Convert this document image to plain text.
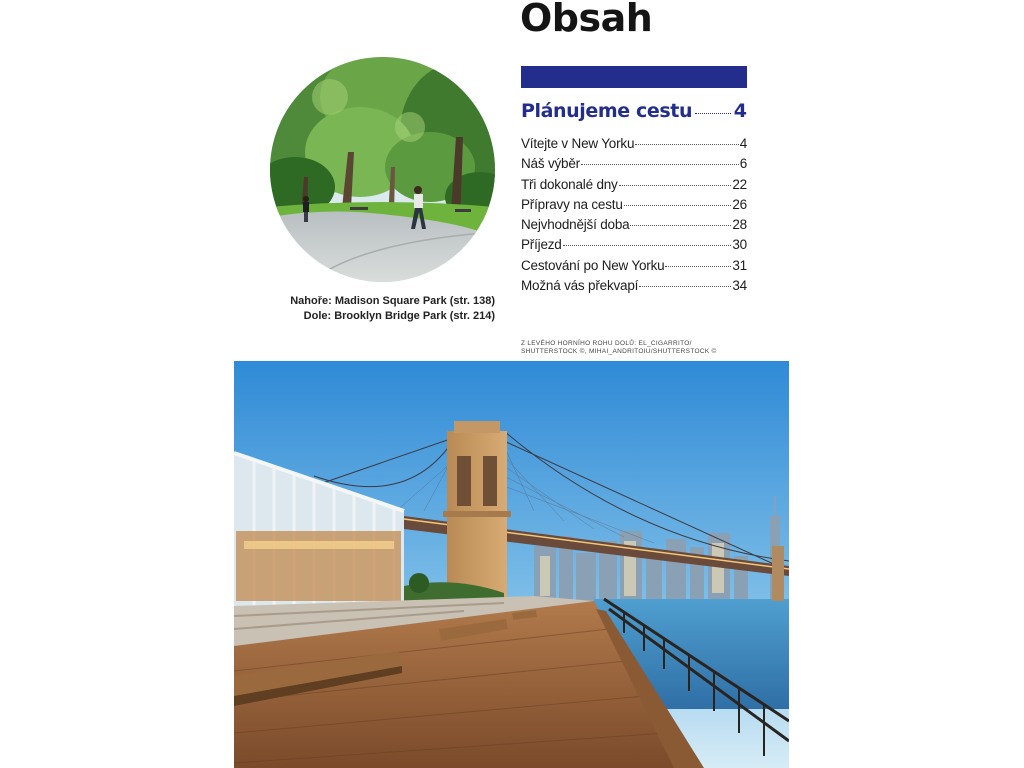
Obsah
Plánujeme cestu 4
Vítejte v New Yorku	4
Náš výběr	6
Tři dokonalé dny	22
Přípravy na cestu	26
Nejvhodnější doba	28
Příjezd	30
Cestování po New Yorku	31
Možná vás překvapí	34
Nahoře: Madison Square Park (str. 138)
Dole: Brooklyn Bridge Park (str. 214)
Z LEVÉHO HORNÍHO ROHU DOLŮ: EL_CIGARRITO/
SHUTTERSTOCK ©, MIHAI_ANDRITOIU/SHUTTERSTOCK ©
